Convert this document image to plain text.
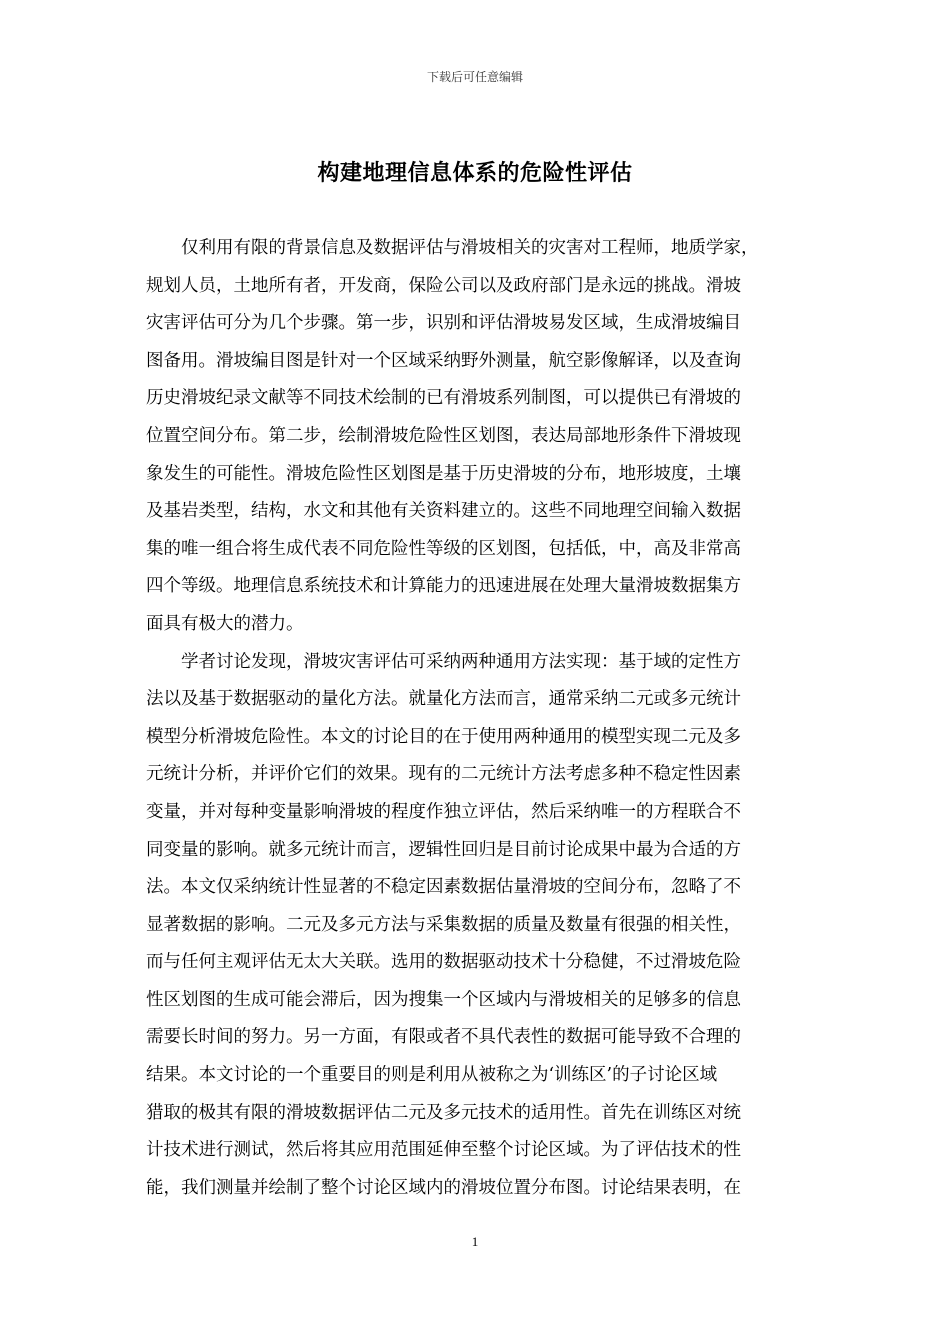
下载后可任意编辑
构建地理信息体系的危险性评估
仅利用有限的背景信息及数据评估与滑坡相关的灾害对工程师，地质学家，
规划人员，土地所有者，开发商，保险公司以及政府部门是永远的挑战。滑坡
灾害评估可分为几个步骤。第一步，识别和评估滑坡易发区域，生成滑坡编目
图备用。滑坡编目图是针对一个区域采纳野外测量，航空影像解译，以及查询
历史滑坡纪录文献等不同技术绘制的已有滑坡系列制图，可以提供已有滑坡的
位置空间分布。第二步，绘制滑坡危险性区划图，表达局部地形条件下滑坡现
象发生的可能性。滑坡危险性区划图是基于历史滑坡的分布，地形坡度，土壤
及基岩类型，结构，水文和其他有关资料建立的。这些不同地理空间输入数据
集的唯一组合将生成代表不同危险性等级的区划图，包括低，中，高及非常高
四个等级。地理信息系统技术和计算能力的迅速进展在处理大量滑坡数据集方
面具有极大的潜力。
学者讨论发现，滑坡灾害评估可采纳两种通用方法实现：基于域的定性方
法以及基于数据驱动的量化方法。就量化方法而言，通常采纳二元或多元统计
模型分析滑坡危险性。本文的讨论目的在于使用两种通用的模型实现二元及多
元统计分析，并评价它们的效果。现有的二元统计方法考虑多种不稳定性因素
变量，并对每种变量影响滑坡的程度作独立评估，然后采纳唯一的方程联合不
同变量的影响。就多元统计而言，逻辑性回归是目前讨论成果中最为合适的方
法。本文仅采纳统计性显著的不稳定因素数据估量滑坡的空间分布，忽略了不
显著数据的影响。二元及多元方法与采集数据的质量及数量有很强的相关性，
而与任何主观评估无太大关联。选用的数据驱动技术十分稳健，不过滑坡危险
性区划图的生成可能会滞后，因为搜集一个区域内与滑坡相关的足够多的信息
需要长时间的努力。另一方面，有限或者不具代表性的数据可能导致不合理的
结果。本文讨论的一个重要目的则是利用从被称之为‘训练区’的子讨论区域
猎取的极其有限的滑坡数据评估二元及多元技术的适用性。首先在训练区对统
计技术进行测试，然后将其应用范围延伸至整个讨论区域。为了评估技术的性
能，我们测量并绘制了整个讨论区域内的滑坡位置分布图。讨论结果表明，在
1
